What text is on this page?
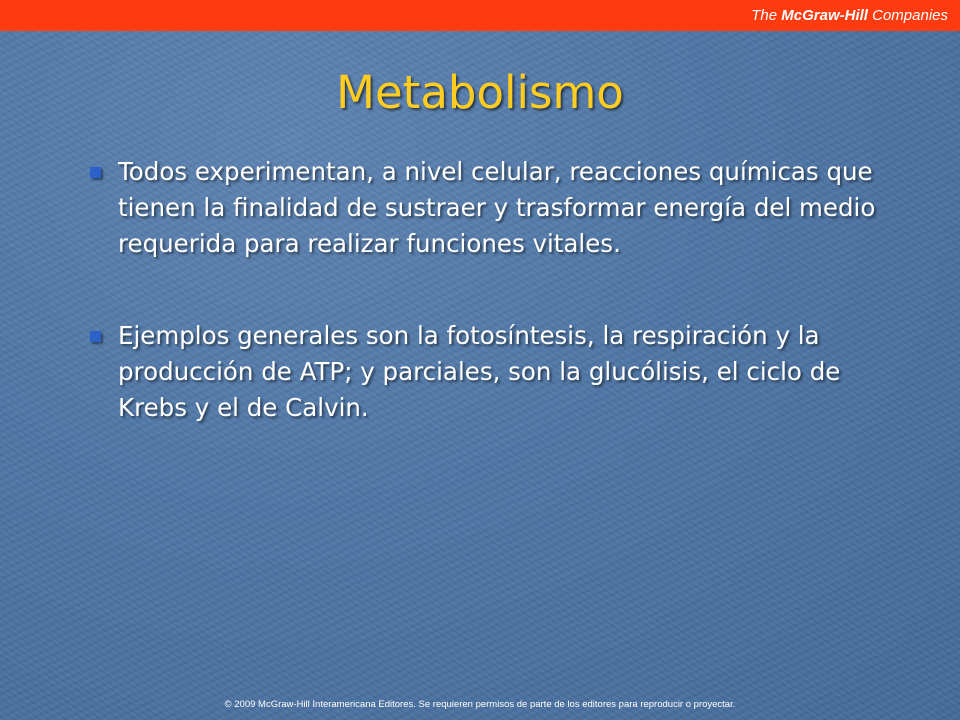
The McGraw-Hill Companies
Metabolismo
Todos experimentan, a nivel celular, reacciones químicas que tienen la finalidad de sustraer y trasformar energía del medio requerida para realizar funciones vitales.
Ejemplos generales son la fotosíntesis, la respiración y la producción de ATP; y parciales, son la glucólisis, el ciclo de Krebs y el de Calvin.
© 2009 McGraw-Hill Interamericana Editores. Se requieren permisos de parte de los editores para reproducir o proyectar.
